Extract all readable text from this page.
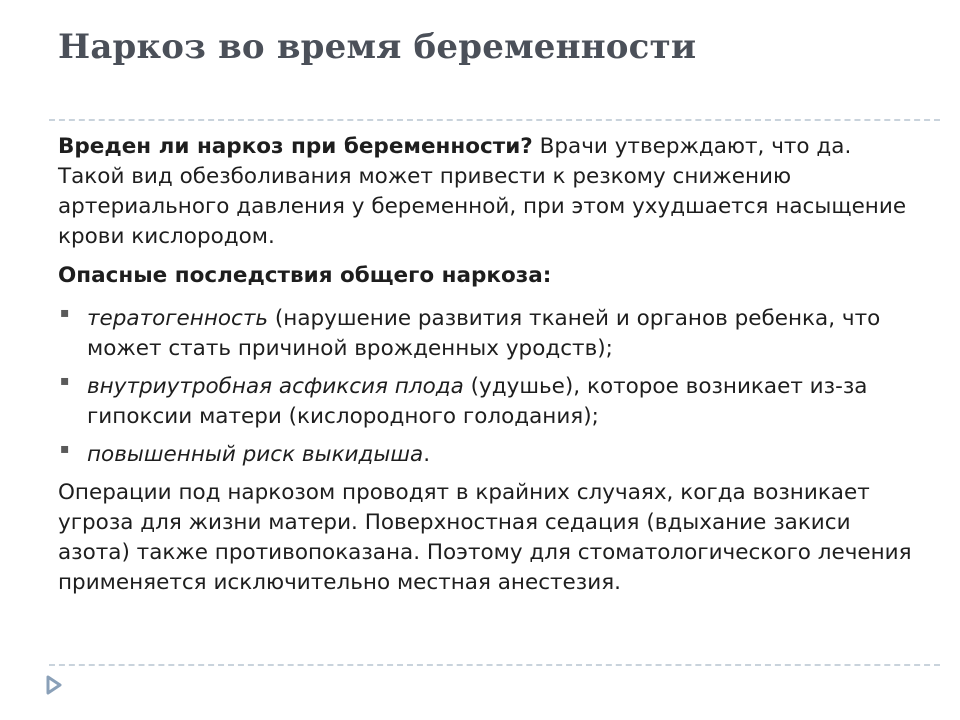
Наркоз во время беременности

Вреден ли наркоз при беременности? Врачи утверждают, что да. Такой вид обезболивания может привести к резкому снижению артериального давления у беременной, при этом ухудшается насыщение крови кислородом.

Опасные последствия общего наркоза:

▪ тератогенность (нарушение развития тканей и органов ребенка, что может стать причиной врожденных уродств);
▪ внутриутробная асфиксия плода (удушье), которое возникает из-за гипоксии матери (кислородного голодания);
▪ повышенный риск выкидыша.

Операции под наркозом проводят в крайних случаях, когда возникает угроза для жизни матери. Поверхностная седация (вдыхание закиси азота) также противопоказана. Поэтому для стоматологического лечения применяется исключительно местная анестезия.
